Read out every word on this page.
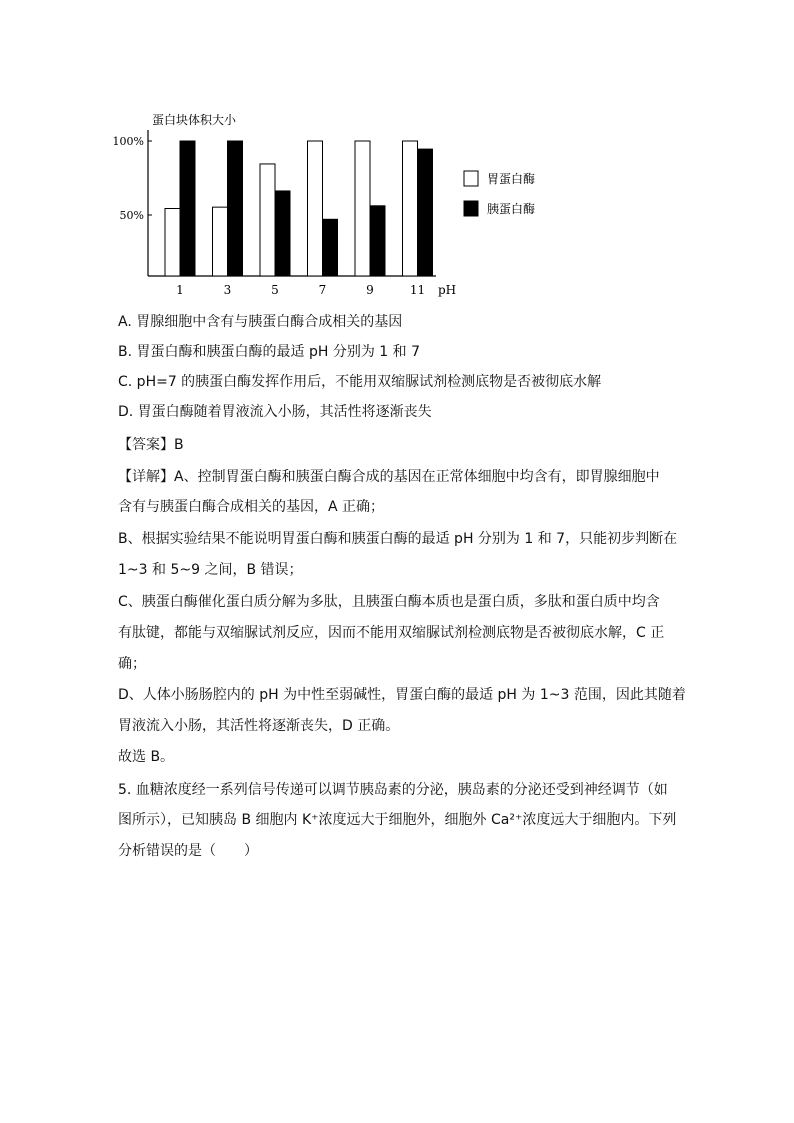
蛋白块体积大小
100%
50%
1	3	5	7	9	11 pH
胃蛋白酶
胰蛋白酶
A. 胃腺细胞中含有与胰蛋白酶合成相关的基因
B. 胃蛋白酶和胰蛋白酶的最适 pH 分别为 1 和 7
C. pH=7 的胰蛋白酶发挥作用后，不能用双缩脲试剂检测底物是否被彻底水解
D. 胃蛋白酶随着胃液流入小肠，其活性将逐渐丧失
【答案】B
【详解】A、控制胃蛋白酶和胰蛋白酶合成的基因在正常体细胞中均含有，即胃腺细胞中
含有与胰蛋白酶合成相关的基因，A 正确；
B、根据实验结果不能说明胃蛋白酶和胰蛋白酶的最适 pH 分别为 1 和 7，只能初步判断在
1~3 和 5~9 之间，B 错误；
C、胰蛋白酶催化蛋白质分解为多肽，且胰蛋白酶本质也是蛋白质，多肽和蛋白质中均含
有肽键，都能与双缩脲试剂反应，因而不能用双缩脲试剂检测底物是否被彻底水解，C 正
确；
D、人体小肠肠腔内的 pH 为中性至弱碱性，胃蛋白酶的最适 pH 为 1~3 范围，因此其随着
胃液流入小肠，其活性将逐渐丧失，D 正确。
故选 B。
5. 血糖浓度经一系列信号传递可以调节胰岛素的分泌，胰岛素的分泌还受到神经调节（如
图所示），已知胰岛 B 细胞内 K⁺浓度远大于细胞外，细胞外 Ca²⁺浓度远大于细胞内。下列
分析错误的是（　　）
